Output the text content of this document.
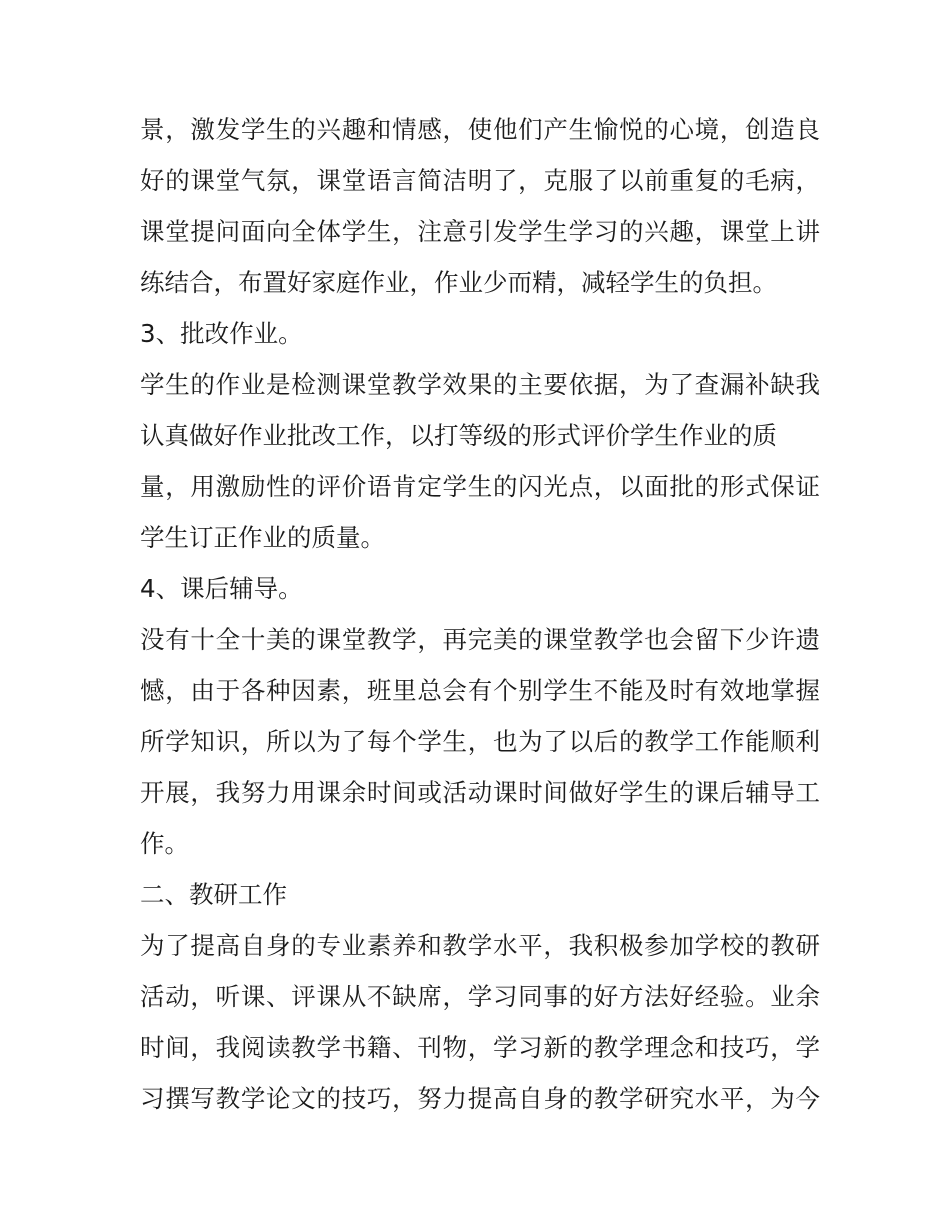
景，激发学生的兴趣和情感，使他们产生愉悦的心境，创造良
好的课堂气氛，课堂语言简洁明了，克服了以前重复的毛病，
课堂提问面向全体学生，注意引发学生学习的兴趣，课堂上讲
练结合，布置好家庭作业，作业少而精，减轻学生的负担。
3、批改作业。
学生的作业是检测课堂教学效果的主要依据，为了查漏补缺我
认真做好作业批改工作，以打等级的形式评价学生作业的质
量，用激励性的评价语肯定学生的闪光点，以面批的形式保证
学生订正作业的质量。
4、课后辅导。
没有十全十美的课堂教学，再完美的课堂教学也会留下少许遗
憾，由于各种因素，班里总会有个别学生不能及时有效地掌握
所学知识，所以为了每个学生，也为了以后的教学工作能顺利
开展，我努力用课余时间或活动课时间做好学生的课后辅导工
作。
二、教研工作
为了提高自身的专业素养和教学水平，我积极参加学校的教研
活动，听课、评课从不缺席，学习同事的好方法好经验。业余
时间，我阅读教学书籍、刊物，学习新的教学理念和技巧，学
习撰写教学论文的技巧，努力提高自身的教学研究水平，为今
